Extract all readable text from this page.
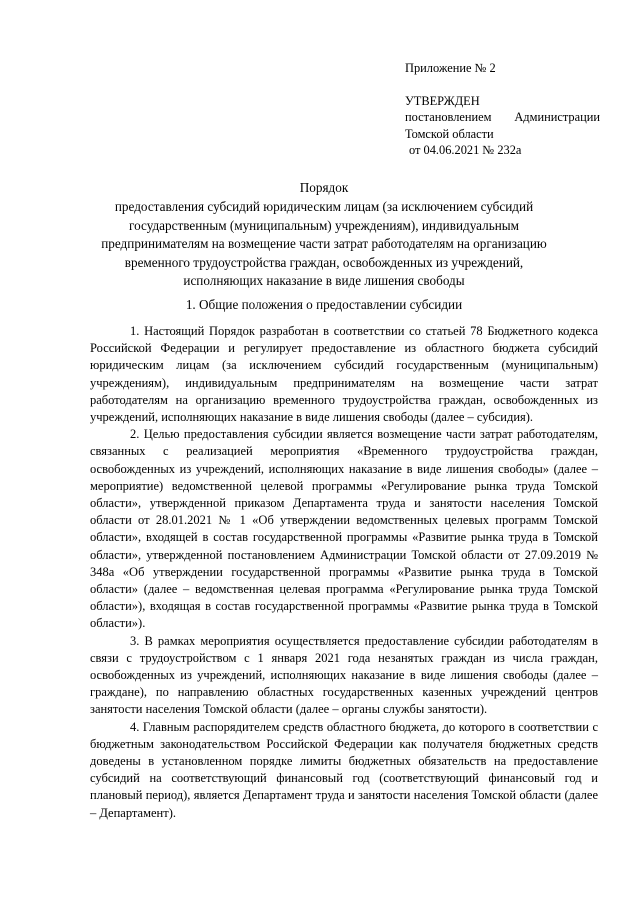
Приложение № 2
УТВЕРЖДЕН
постановлением Администрации
Томской области
от 04.06.2021 № 232а
Порядок
предоставления субсидий юридическим лицам (за исключением субсидий
государственным (муниципальным) учреждениям), индивидуальным
предпринимателям на возмещение части затрат работодателям на организацию
временного трудоустройства граждан, освобожденных из учреждений,
исполняющих наказание в виде лишения свободы
1. Общие положения о предоставлении субсидии

1. Настоящий Порядок разработан в соответствии со статьей 78 Бюджетного кодекса Российской Федерации и регулирует предоставление из областного бюджета субсидий юридическим лицам (за исключением субсидий государственным (муниципальным) учреждениям), индивидуальным предпринимателям на возмещение части затрат работодателям на организацию временного трудоустройства граждан, освобожденных из учреждений, исполняющих наказание в виде лишения свободы (далее – субсидия).

2. Целью предоставления субсидии является возмещение части затрат работодателям, связанных с реализацией мероприятия «Временного трудоустройства граждан, освобожденных из учреждений, исполняющих наказание в виде лишения свободы» (далее – мероприятие) ведомственной целевой программы «Регулирование рынка труда Томской области», утвержденной приказом Департамента труда и занятости населения Томской области от 28.01.2021 № 1 «Об утверждении ведомственных целевых программ Томской области», входящей в состав государственной программы «Развитие рынка труда в Томской области», утвержденной постановлением Администрации Томской области от 27.09.2019 № 348а «Об утверждении государственной программы «Развитие рынка труда в Томской области» (далее – ведомственная целевая программа «Регулирование рынка труда Томской области»), входящая в состав государственной программы «Развитие рынка труда в Томской области»).

3. В рамках мероприятия осуществляется предоставление субсидии работодателям в связи с трудоустройством с 1 января 2021 года незанятых граждан из числа граждан, освобожденных из учреждений, исполняющих наказание в виде лишения свободы (далее – граждане), по направлению областных государственных казенных учреждений центров занятости населения Томской области (далее – органы службы занятости).

4. Главным распорядителем средств областного бюджета, до которого в соответствии с бюджетным законодательством Российской Федерации как получателя бюджетных средств доведены в установленном порядке лимиты бюджетных обязательств на предоставление субсидий на соответствующий финансовый год (соответствующий финансовый год и плановый период), является Департамент труда и занятости населения Томской области (далее – Департамент).
